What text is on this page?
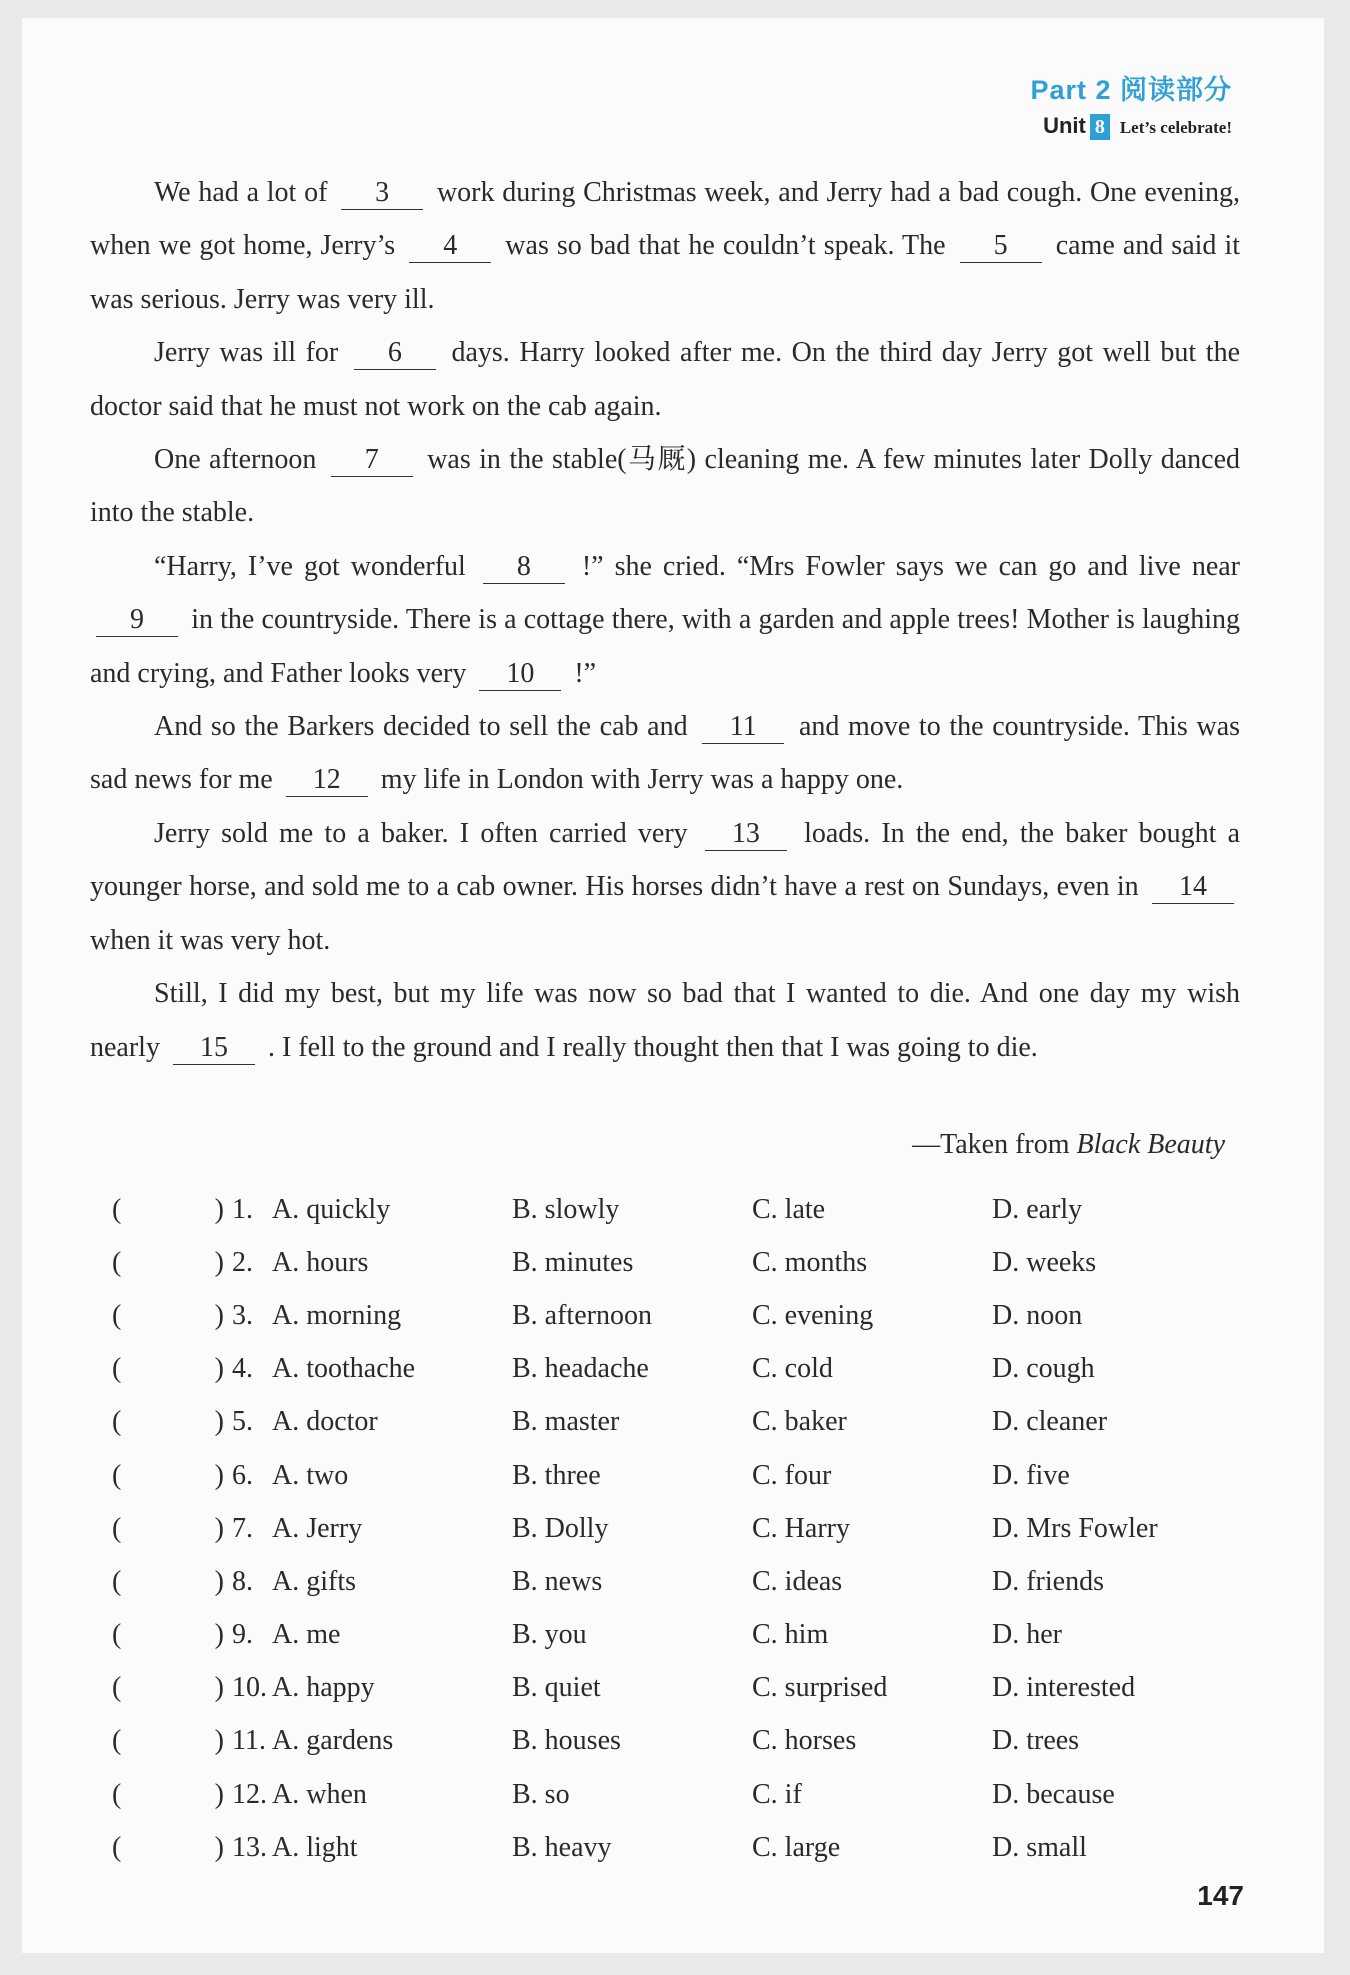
Part 2 阅读部分
Unit 8 Let’s celebrate!

We had a lot of 3 work during Christmas week, and Jerry had a bad cough. One evening, when we got home, Jerry’s 4 was so bad that he couldn’t speak. The 5 came and said it was serious. Jerry was very ill.

Jerry was ill for 6 days. Harry looked after me. On the third day Jerry got well but the doctor said that he must not work on the cab again.

One afternoon 7 was in the stable(马厩) cleaning me. A few minutes later Dolly danced into the stable.

“Harry, I’ve got wonderful 8 !” she cried. “Mrs Fowler says we can go and live near 9 in the countryside. There is a cottage there, with a garden and apple trees! Mother is laughing and crying, and Father looks very 10 !”

And so the Barkers decided to sell the cab and 11 and move to the countryside. This was sad news for me 12 my life in London with Jerry was a happy one.

Jerry sold me to a baker. I often carried very 13 loads. In the end, the baker bought a younger horse, and sold me to a cab owner. His horses didn’t have a rest on Sundays, even in 14 when it was very hot.

Still, I did my best, but my life was now so bad that I wanted to die. And one day my wish nearly 15 . I fell to the ground and I really thought then that I was going to die.

—Taken from Black Beauty
(	) 1. A. quickly	B. slowly	C. late	D. early
(	) 2. A. hours	B. minutes	C. months	D. weeks
(	) 3. A. morning	B. afternoon	C. evening	D. noon
(	) 4. A. toothache	B. headache	C. cold	D. cough
(	) 5. A. doctor	B. master	C. baker	D. cleaner
(	) 6. A. two	B. three	C. four	D. five
(	) 7. A. Jerry	B. Dolly	C. Harry	D. Mrs Fowler
(	) 8. A. gifts	B. news	C. ideas	D. friends
(	) 9. A. me	B. you	C. him	D. her
(	) 10. A. happy	B. quiet	C. surprised	D. interested
(	) 11. A. gardens	B. houses	C. horses	D. trees
(	) 12. A. when	B. so	C. if	D. because
(	) 13. A. light	B. heavy	C. large	D. small
147
